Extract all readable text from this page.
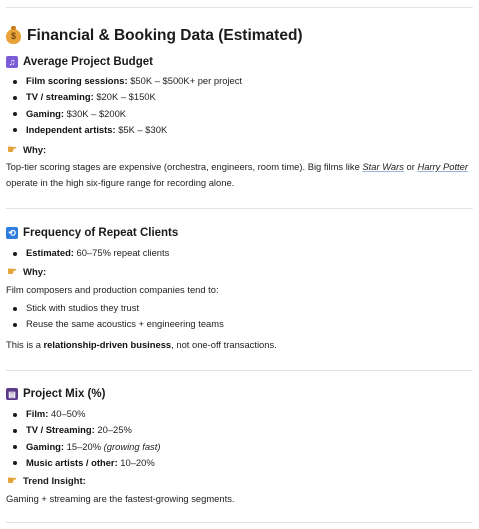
$ Financial & Booking Data (Estimated)
♫ Average Project Budget
Film scoring sessions: $50K – $500K+ per project
TV / streaming: $20K – $150K
Gaming: $30K – $200K
Independent artists: $5K – $30K
☛ Why:
Top-tier scoring stages are expensive (orchestra, engineers, room time). Big films like Star Wars or Harry Potter operate in the high six-figure range for recording alone.
⟲ Frequency of Repeat Clients
Estimated: 60–75% repeat clients
☛ Why:
Film composers and production companies tend to:
Stick with studios they trust
Reuse the same acoustics + engineering teams
This is a relationship-driven business, not one-off transactions.
▤ Project Mix (%)
Film: 40–50%
TV / Streaming: 20–25%
Gaming: 15–20% (growing fast)
Music artists / other: 10–20%
☛ Trend Insight:
Gaming + streaming are the fastest-growing segments.
